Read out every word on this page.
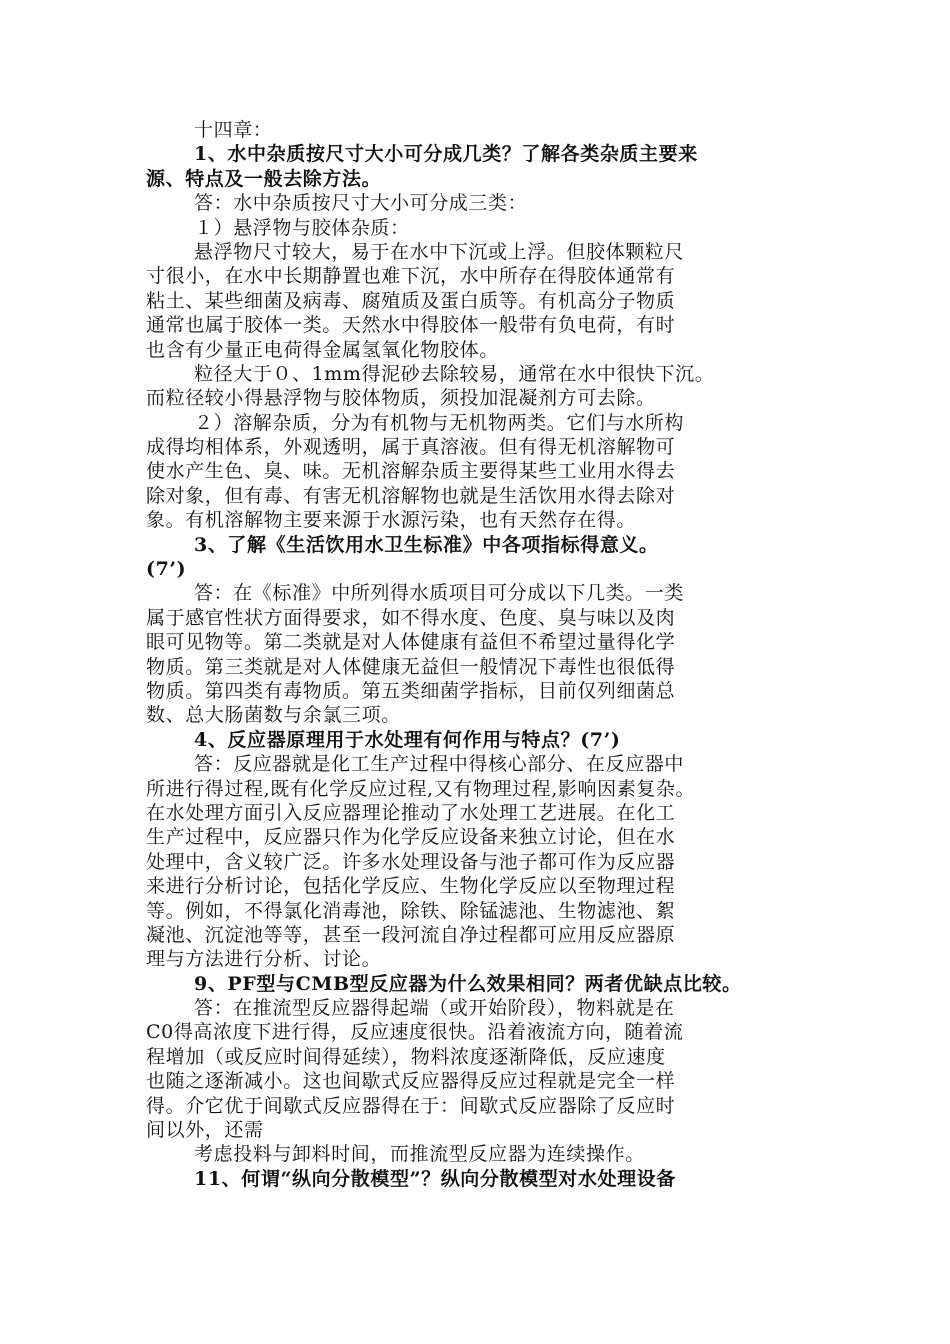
十四章：
1、水中杂质按尺寸大小可分成几类？了解各类杂质主要来
源、特点及一般去除方法。
答：水中杂质按尺寸大小可分成三类：
１）悬浮物与胶体杂质：
悬浮物尺寸较大，易于在水中下沉或上浮。但胶体颗粒尺
寸很小，在水中长期静置也难下沉，水中所存在得胶体通常有
粘土、某些细菌及病毒、腐殖质及蛋白质等。有机高分子物质
通常也属于胶体一类。天然水中得胶体一般带有负电荷，有时
也含有少量正电荷得金属氢氧化物胶体。
粒径大于０、1mm得泥砂去除较易，通常在水中很快下沉。
而粒径较小得悬浮物与胶体物质，须投加混凝剂方可去除。
２）溶解杂质，分为有机物与无机物两类。它们与水所构
成得均相体系，外观透明，属于真溶液。但有得无机溶解物可
使水产生色、臭、味。无机溶解杂质主要得某些工业用水得去
除对象，但有毒、有害无机溶解物也就是生活饮用水得去除对
象。有机溶解物主要来源于水源污染，也有天然存在得。
3、了解《生活饮用水卫生标准》中各项指标得意义。
(7’)
答：在《标准》中所列得水质项目可分成以下几类。一类
属于感官性状方面得要求，如不得水度、色度、臭与味以及肉
眼可见物等。第二类就是对人体健康有益但不希望过量得化学
物质。第三类就是对人体健康无益但一般情况下毒性也很低得
物质。第四类有毒物质。第五类细菌学指标，目前仅列细菌总
数、总大肠菌数与余氯三项。
4、反应器原理用于水处理有何作用与特点？(7’)
答：反应器就是化工生产过程中得核心部分、在反应器中
所进行得过程,既有化学反应过程,又有物理过程,影响因素复杂。
在水处理方面引入反应器理论推动了水处理工艺进展。在化工
生产过程中，反应器只作为化学反应设备来独立讨论，但在水
处理中，含义较广泛。许多水处理设备与池子都可作为反应器
来进行分析讨论，包括化学反应、生物化学反应以至物理过程
等。例如，不得氯化消毒池，除铁、除锰滤池、生物滤池、絮
凝池、沉淀池等等，甚至一段河流自净过程都可应用反应器原
理与方法进行分析、讨论。
9、PF型与CMB型反应器为什么效果相同？两者优缺点比较。
答：在推流型反应器得起端（或开始阶段），物料就是在
C0得高浓度下进行得，反应速度很快。沿着液流方向，随着流
程增加（或反应时间得延续），物料浓度逐渐降低，反应速度
也随之逐渐减小。这也间歇式反应器得反应过程就是完全一样
得。介它优于间歇式反应器得在于：间歇式反应器除了反应时
间以外，还需
考虑投料与卸料时间，而推流型反应器为连续操作。
11、何谓“纵向分散模型”？纵向分散模型对水处理设备
